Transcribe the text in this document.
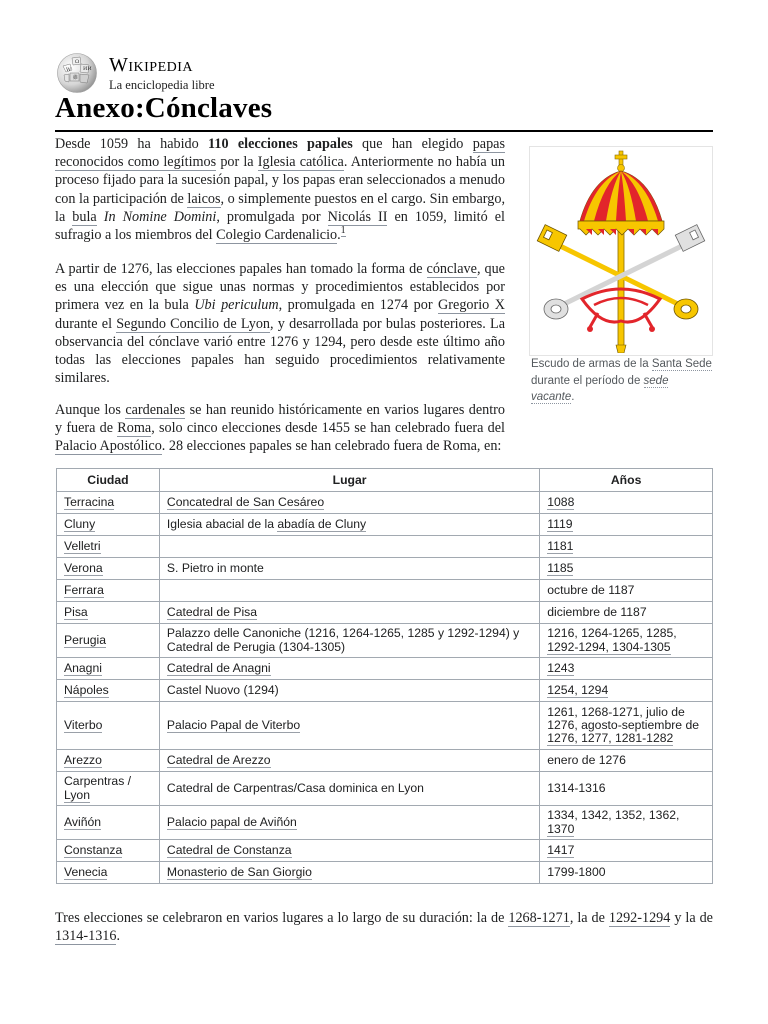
W
Ω
ИИ
維
Wikipedia
La enciclopedia libre
Anexo:Cónclaves
Desde 1059 ha habido 110 elecciones papales que han elegido papas reconocidos como legítimos por la Iglesia católica. Anteriormente no había un proceso fijado para la sucesión papal, y los papas eran seleccionados a menudo con la participación de laicos, o simplemente puestos en el cargo. Sin embargo, la bula In Nomine Domini, promulgada por Nicolás II en 1059, limitó el sufragio a los miembros del Colegio Cardenalicio.$^1$
A partir de 1276, las elecciones papales han tomado la forma de cónclave, que es una elección que sigue unas normas y procedimientos establecidos por primera vez en la bula Ubi periculum, promulgada en 1274 por Gregorio X durante el Segundo Concilio de Lyon, y desarrollada por bulas posteriores. La observancia del cónclave varió entre 1276 y 1294, pero desde este último año todas las elecciones papales han seguido procedimientos relativamente similares.
Aunque los cardenales se han reunido históricamente en varios lugares dentro y fuera de Roma, solo cinco elecciones desde 1455 se han celebrado fuera del Palacio Apostólico. 28 elecciones papales se han celebrado fuera de Roma, en:
Escudo de armas de la Santa Sede durante el período de sede vacante.
Ciudad	Lugar	Años
Terracina	Concatedral de San Cesáreo	1088
Cluny	Iglesia abacial de la abadía de Cluny	1119
Velletri		1181
Verona	S. Pietro in monte	1185
Ferrara		octubre de 1187
Pisa	Catedral de Pisa	diciembre de 1187
Perugia	Palazzo delle Canoniche (1216, 1264-1265, 1285 y 1292-1294) y
Catedral de Perugia (1304-1305)	1216, 1264-1265, 1285,
1292-1294, 1304-1305
Anagni	Catedral de Anagni	1243
Nápoles	Castel Nuovo (1294)	1254, 1294
Viterbo	Palacio Papal de Viterbo	1261, 1268-1271, julio de
1276, agosto-septiembre de
1276, 1277, 1281-1282
Arezzo	Catedral de Arezzo	enero de 1276
Carpentras /
Lyon	Catedral de Carpentras/Casa dominica en Lyon	1314-1316
Aviñón	Palacio papal de Aviñón	1334, 1342, 1352, 1362,
1370
Constanza	Catedral de Constanza	1417
Venecia	Monasterio de San Giorgio	1799-1800
Tres elecciones se celebraron en varios lugares a lo largo de su duración: la de 1268-1271, la de 1292-1294 y la de 1314-1316.
